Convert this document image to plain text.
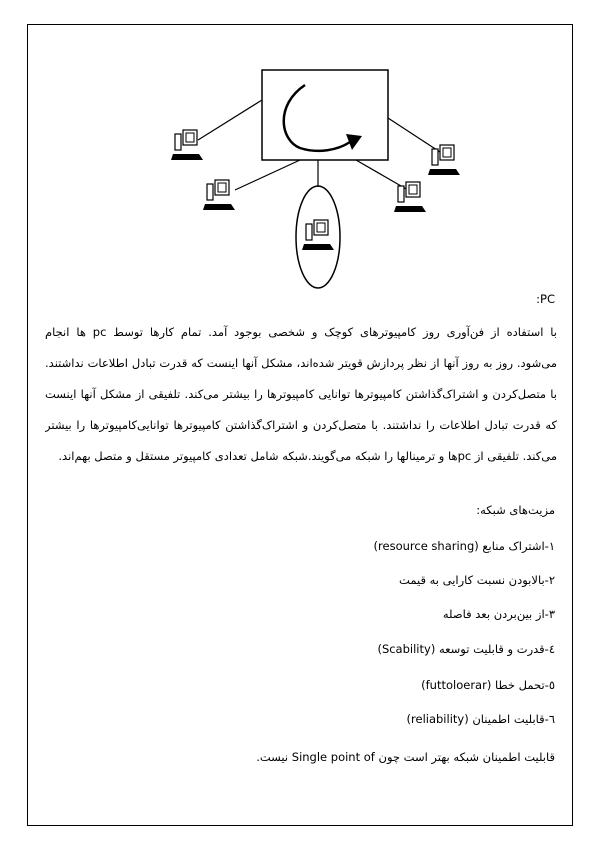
PC:
با استفاده از فن‌آوری روز کامپیوترهای کوچک و شخصی بوجود آمد. تمام کارها توسط pc ها انجام
می‌شود. روز به روز آنها از نظر پردازش قویتر شده‌اند، مشکل آنها اینست که قدرت تبادل اطلاعات نداشتند.
با متصل‌کردن و اشتراک‌گذاشتن کامپیوترها توانایی کامپیوترها را بیشتر می‌کند. تلفیقی از مشکل آنها اینست
که قدرت تبادل اطلاعات را نداشتند. با متصل‌کردن و اشتراک‌گذاشتن کامپیوترها توانایی‌کامپیوترها را بیشتر
می‌کند. تلفیقی از pcها و ترمینالها را شبکه می‌گویند.شبکه شامل تعدادی کامپیوتر مستقل و متصل بهم‌اند.
مزیت‌های شبکه:
۱-اشتراک منابع (resource sharing)
۲-بالابودن نسبت کارایی به قیمت
۳-از بین‌بردن بعد فاصله
٤-قدرت و قابلیت توسعه (Scability)
٥-تحمل خطا (futtoloerar)
٦-قابلیت اطمینان (reliability)
قابلیت اطمینان شبکه بهتر است چون Single point of نیست.
